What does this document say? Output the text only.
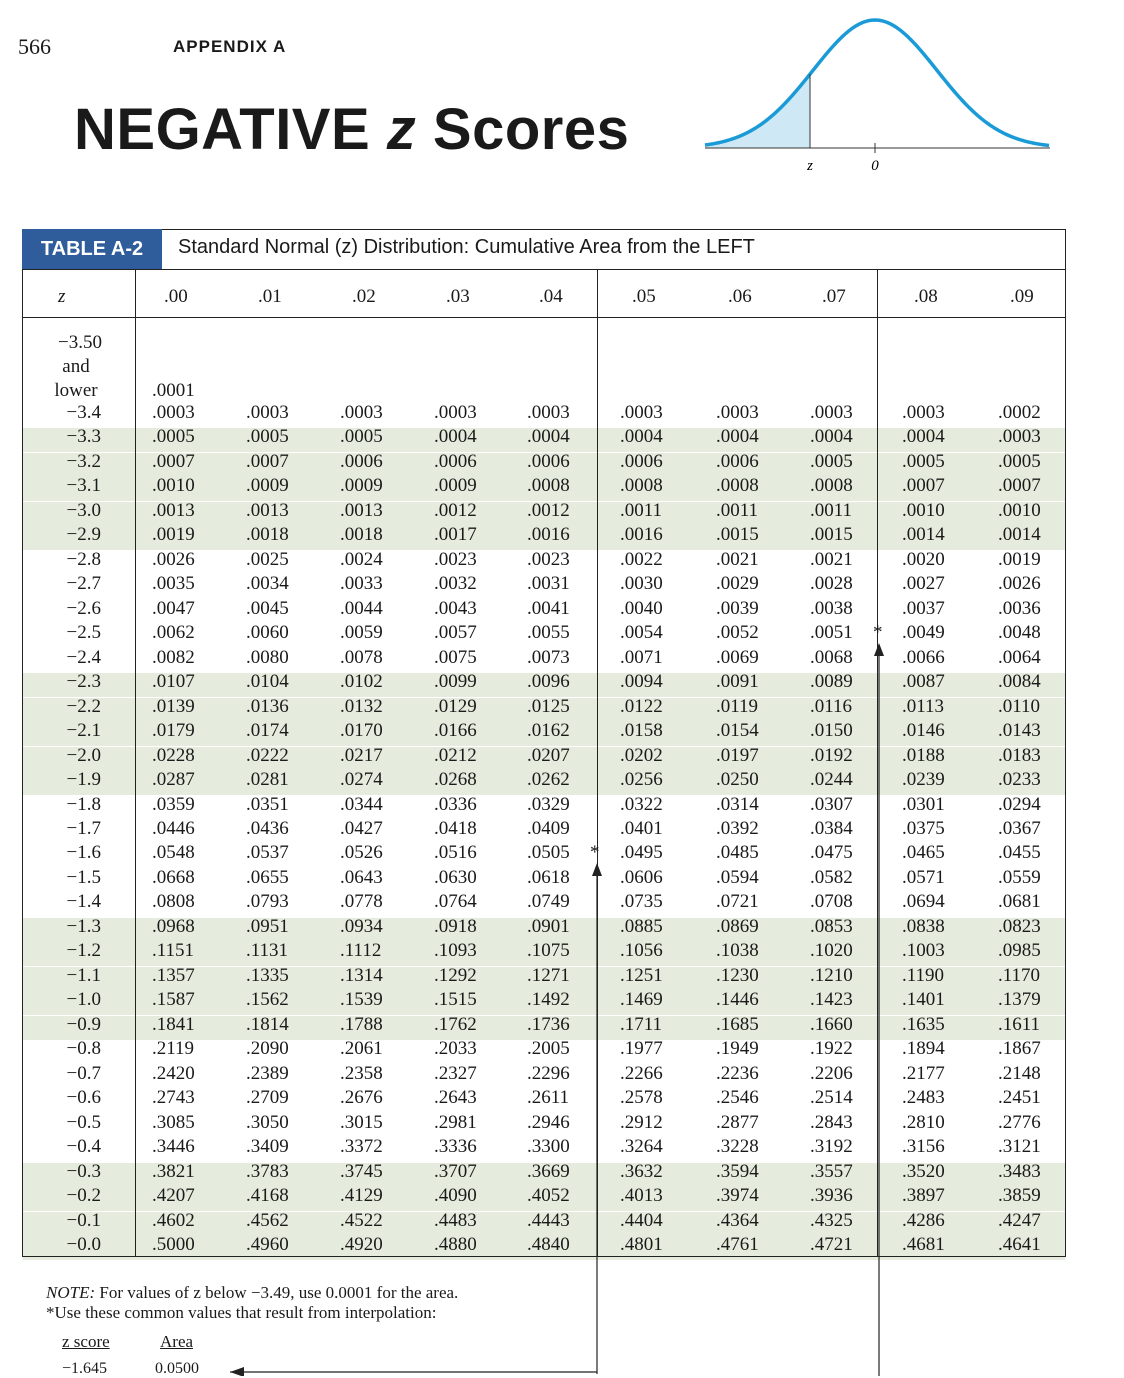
566	APPENDIX A
NEGATIVE z Scores
z	0
TABLE A-2	Standard Normal (z) Distribution: Cumulative Area from the LEFT
z	.00	.01	.02	.03	.04	.05	.06	.07	.08	.09
−3.50
and
lower	.0001
−3.4	.0003	.0003	.0003	.0003	.0003	.0003	.0003	.0003	.0003	.0002
−3.3	.0005	.0005	.0005	.0004	.0004	.0004	.0004	.0004	.0004	.0003
−3.2	.0007	.0007	.0006	.0006	.0006	.0006	.0006	.0005	.0005	.0005
−3.1	.0010	.0009	.0009	.0009	.0008	.0008	.0008	.0008	.0007	.0007
−3.0	.0013	.0013	.0013	.0012	.0012	.0011	.0011	.0011	.0010	.0010
−2.9	.0019	.0018	.0018	.0017	.0016	.0016	.0015	.0015	.0014	.0014
−2.8	.0026	.0025	.0024	.0023	.0023	.0022	.0021	.0021	.0020	.0019
−2.7	.0035	.0034	.0033	.0032	.0031	.0030	.0029	.0028	.0027	.0026
−2.6	.0047	.0045	.0044	.0043	.0041	.0040	.0039	.0038	.0037	.0036
−2.5	.0062	.0060	.0059	.0057	.0055	.0054	.0052	.0051	.0049	.0048
−2.4	.0082	.0080	.0078	.0075	.0073	.0071	.0069	.0068	.0066	.0064
−2.3	.0107	.0104	.0102	.0099	.0096	.0094	.0091	.0089	.0087	.0084
−2.2	.0139	.0136	.0132	.0129	.0125	.0122	.0119	.0116	.0113	.0110
−2.1	.0179	.0174	.0170	.0166	.0162	.0158	.0154	.0150	.0146	.0143
−2.0	.0228	.0222	.0217	.0212	.0207	.0202	.0197	.0192	.0188	.0183
−1.9	.0287	.0281	.0274	.0268	.0262	.0256	.0250	.0244	.0239	.0233
−1.8	.0359	.0351	.0344	.0336	.0329	.0322	.0314	.0307	.0301	.0294
−1.7	.0446	.0436	.0427	.0418	.0409	.0401	.0392	.0384	.0375	.0367
−1.6	.0548	.0537	.0526	.0516	.0505	.0495	.0485	.0475	.0465	.0455
−1.5	.0668	.0655	.0643	.0630	.0618	.0606	.0594	.0582	.0571	.0559
−1.4	.0808	.0793	.0778	.0764	.0749	.0735	.0721	.0708	.0694	.0681
−1.3	.0968	.0951	.0934	.0918	.0901	.0885	.0869	.0853	.0838	.0823
−1.2	.1151	.1131	.1112	.1093	.1075	.1056	.1038	.1020	.1003	.0985
−1.1	.1357	.1335	.1314	.1292	.1271	.1251	.1230	.1210	.1190	.1170
−1.0	.1587	.1562	.1539	.1515	.1492	.1469	.1446	.1423	.1401	.1379
−0.9	.1841	.1814	.1788	.1762	.1736	.1711	.1685	.1660	.1635	.1611
−0.8	.2119	.2090	.2061	.2033	.2005	.1977	.1949	.1922	.1894	.1867
−0.7	.2420	.2389	.2358	.2327	.2296	.2266	.2236	.2206	.2177	.2148
−0.6	.2743	.2709	.2676	.2643	.2611	.2578	.2546	.2514	.2483	.2451
−0.5	.3085	.3050	.3015	.2981	.2946	.2912	.2877	.2843	.2810	.2776
−0.4	.3446	.3409	.3372	.3336	.3300	.3264	.3228	.3192	.3156	.3121
−0.3	.3821	.3783	.3745	.3707	.3669	.3632	.3594	.3557	.3520	.3483
−0.2	.4207	.4168	.4129	.4090	.4052	.4013	.3974	.3936	.3897	.3859
−0.1	.4602	.4562	.4522	.4483	.4443	.4404	.4364	.4325	.4286	.4247
−0.0	.5000	.4960	.4920	.4880	.4840	.4801	.4761	.4721	.4681	.4641
*
*
NOTE: For values of z below −3.49, use 0.0001 for the area.
*Use these common values that result from interpolation:
z score	Area
−1.645	0.0500
